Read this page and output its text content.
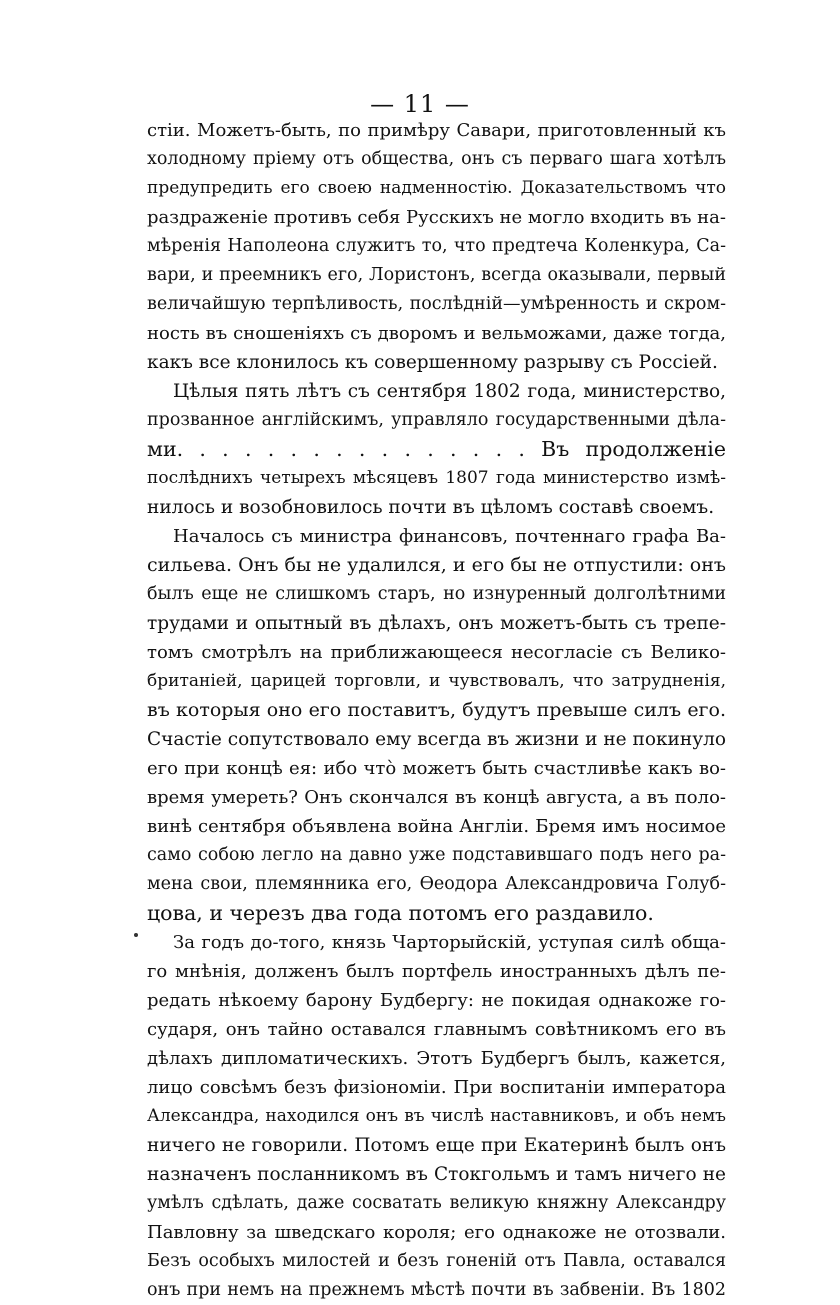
— 11 —
стіи. Можетъ-быть, по примѣру Савари, приготовленный къ
холодному пріему отъ общества, онъ съ перваго шага хотѣлъ
предупредить его своею надменностію. Доказательствомъ что
раздраженіе противъ себя Русскихъ не могло входить въ на-
мѣренія Наполеона служитъ то, что предтеча Коленкура, Са-
вари, и преемникъ его, Лористонъ, всегда оказывали, первый
величайшую терпѣливость, послѣдній—умѣренность и скром-
ность въ сношеніяхъ съ дворомъ и вельможами, даже тогда,
какъ все клонилось къ совершенному разрыву съ Россіей.
Цѣлыя пять лѣтъ съ сентября 1802 года, министерство,
прозванное англійскимъ, управляло государственными дѣла-
ми. . . . . . . . . . . . . . . . Въ продолженіе
послѣднихъ четырехъ мѣсяцевъ 1807 года министерство измѣ-
нилось и возобновилось почти въ цѣломъ составѣ своемъ.
Началось съ министра финансовъ, почтеннаго графа Ва-
сильева. Онъ бы не удалился, и его бы не отпустили: онъ
былъ еще не слишкомъ старъ, но изнуренный долголѣтними
трудами и опытный въ дѣлахъ, онъ можетъ-быть съ трепе-
томъ смотрѣлъ на приближающееся несогласіе съ Велико-
британіей, царицей торговли, и чувствовалъ, что затрудненія,
въ которыя оно его поставитъ, будутъ превыше силъ его.
Счастіе сопутствовало ему всегда въ жизни и не покинуло
его при концѣ ея: ибо что̀ можетъ быть счастливѣе какъ во-
время умереть? Онъ скончался въ концѣ августа, а въ поло-
винѣ сентября объявлена война Англіи. Бремя имъ носимое
само собою легло на давно уже подставившаго подъ него ра-
мена свои, племянника его, Ѳеодора Александровича Голуб-
цова, и черезъ два года потомъ его раздавило.
За годъ до-того, князь Чарторыйскій, уступая силѣ обща-
го мнѣнія, долженъ былъ портфель иностранныхъ дѣлъ пе-
редать нѣкоему барону Будбергу: не покидая однакоже го-
сударя, онъ тайно оставался главнымъ совѣтникомъ его въ
дѣлахъ дипломатическихъ. Этотъ Будбергъ былъ, кажется,
лицо совсѣмъ безъ физіономіи. При воспитаніи императора
Александра, находился онъ въ числѣ наставниковъ, и объ немъ
ничего не говорили. Потомъ еще при Екатеринѣ былъ онъ
назначенъ посланникомъ въ Стокгольмъ и тамъ ничего не
умѣлъ сдѣлать, даже сосватать великую княжну Александру
Павловну за шведскаго короля; его однакоже не отозвали.
Безъ особыхъ милостей и безъ гоненій отъ Павла, оставался
онъ при немъ на прежнемъ мѣстѣ почти въ забвеніи. Въ 1802
